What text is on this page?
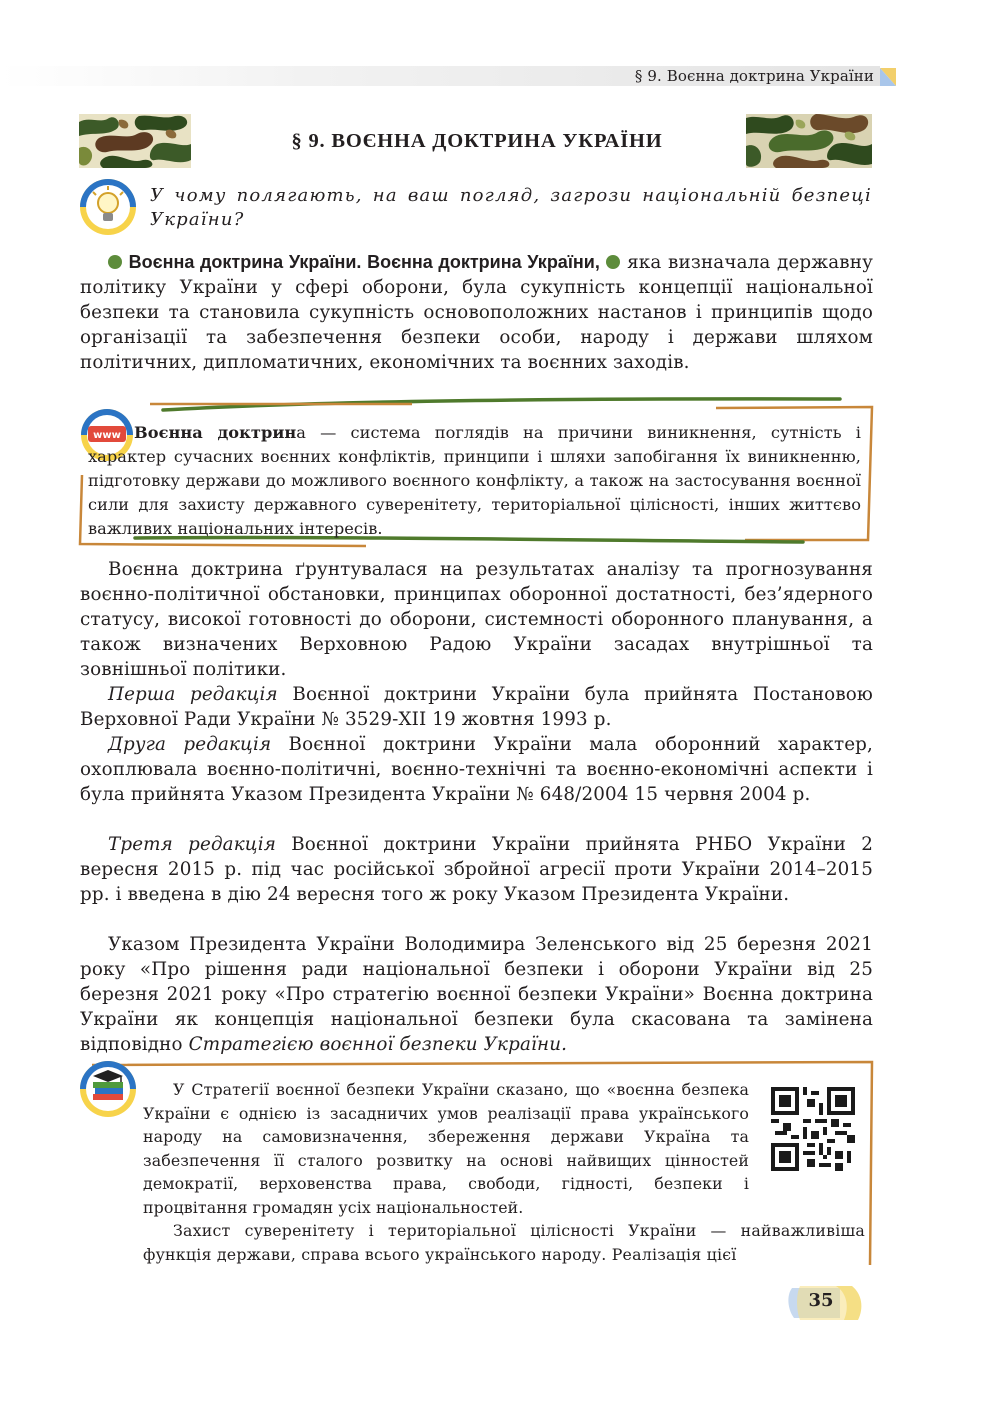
§ 9. Воєнна доктрина України
§ 9. ВОЄННА ДОКТРИНА УКРАЇНИ
У чому полягають, на ваш погляд, загрози національній безпеці України?
Воєнна доктрина України. Воєнна доктрина України,  яка визначала державну політику України у сфері оборони, була сукупність концепції національної безпеки та становила сукупність основоположних настанов і принципів щодо організації та забезпечення безпеки особи, народу і держави шляхом політичних, дипломатичних, економічних та воєнних заходів.
www Воєнна доктрина — система поглядів на причини виникнення, сутність і характер сучасних воєнних конфліктів, принципи і шляхи запобігання їх виникненню, підготовку держави до можливого воєнного конфлікту, а також на застосування воєнної сили для захисту державного суверенітету, територіальної цілісності, інших життєво важливих національних інтересів.
Воєнна доктрина ґрунтувалася на результатах аналізу та прогнозування воєнно-політичної обстановки, принципах оборонної достатності, без’ядерного статусу, високої готовності до оборони, системності оборонного планування, а також визначених Верховною Радою України засадах внутрішньої та зовнішньої політики.
Перша редакція Воєнної доктрини України була прийнята Постановою Верховної Ради України № 3529-XII 19 жовтня 1993 р.
Друга редакція Воєнної доктрини України мала оборонний характер, охоплювала воєнно-політичні, воєнно-технічні та воєнно-економічні аспекти і була прийнята Указом Президента України № 648/2004 15 червня 2004 р.
Третя редакція Воєнної доктрини України прийнята РНБО України 2 вересня 2015 р. під час російської збройної агресії проти України 2014–2015 рр. і введена в дію 24 вересня того ж року Указом Президента України.
Указом Президента України Володимира Зеленського від 25 березня 2021 року «Про рішення ради національної безпеки і оборони України від 25 березня 2021 року «Про стратегію воєнної безпеки України» Воєнна доктрина України як концепція національної безпеки була скасована та замінена відповідно Стратегією воєнної безпеки України.
У Стратегії воєнної безпеки України сказано, що «воєнна безпека України є однією із засадничих умов реалізації права українського народу на самовизначення, збереження держави Україна та забезпечення її сталого розвитку на основі найвищих цінностей демократії, верховенства права, свободи, гідності, безпеки і процвітання громадян усіх національностей.
Захист суверенітету і територіальної цілісності України — найважливіша функція держави, справа всього українського народу. Реалізація цієї
35
